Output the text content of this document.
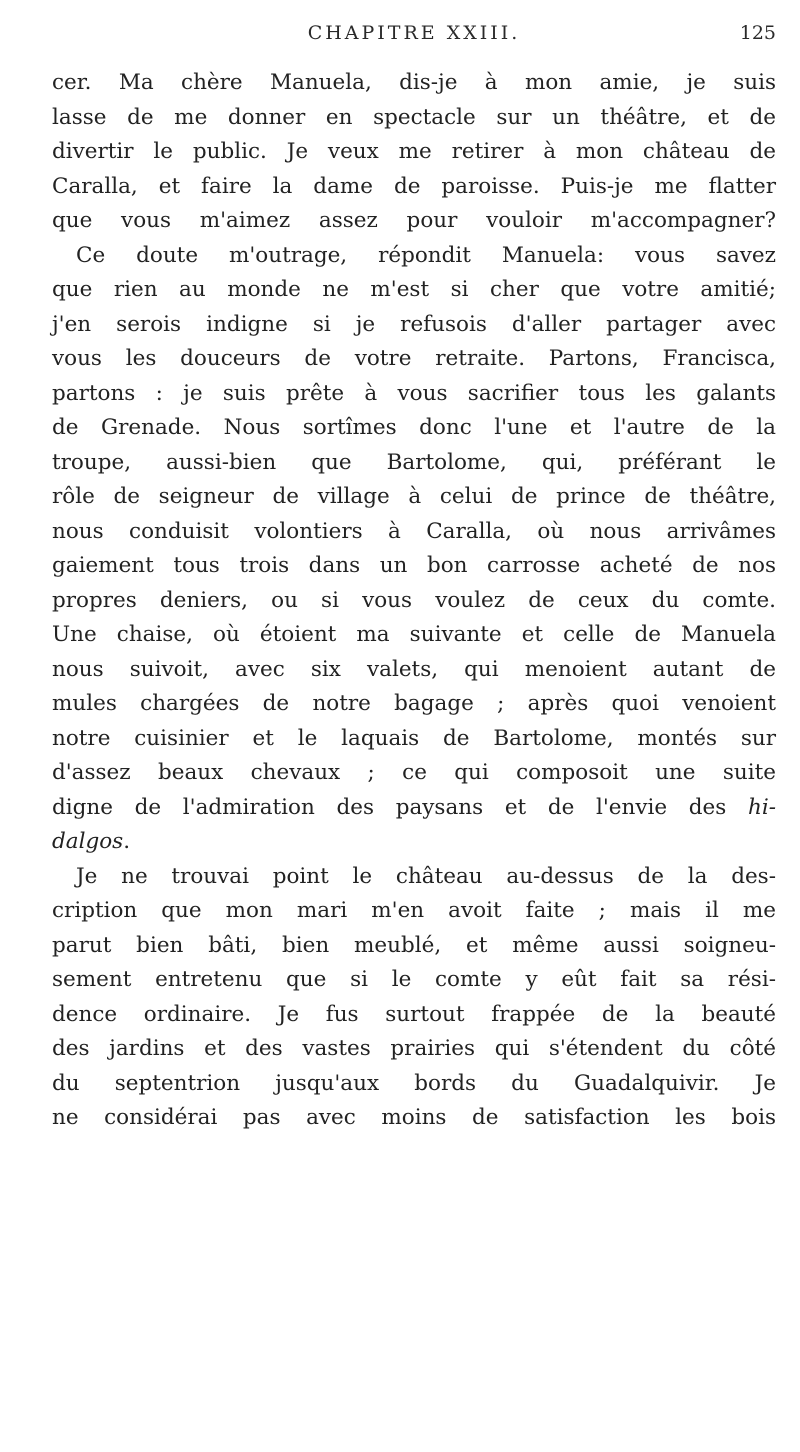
CHAPITRE XXIII.	125
cer. Ma chère Manuela, dis-je à mon amie, je suis
lasse de me donner en spectacle sur un théâtre, et de
divertir le public. Je veux me retirer à mon château de
Caralla, et faire la dame de paroisse. Puis-je me flatter
que vous m'aimez assez pour vouloir m'accompagner?
Ce doute m'outrage, répondit Manuela: vous savez
que rien au monde ne m'est si cher que votre amitié;
j'en serois indigne si je refusois d'aller partager avec
vous les douceurs de votre retraite. Partons, Francisca,
partons : je suis prête à vous sacrifier tous les galants
de Grenade. Nous sortîmes donc l'une et l'autre de la
troupe, aussi-bien que Bartolome, qui, préférant le
rôle de seigneur de village à celui de prince de théâtre,
nous conduisit volontiers à Caralla, où nous arrivâmes
gaiement tous trois dans un bon carrosse acheté de nos
propres deniers, ou si vous voulez de ceux du comte.
Une chaise, où étoient ma suivante et celle de Manuela
nous suivoit, avec six valets, qui menoient autant de
mules chargées de notre bagage ; après quoi venoient
notre cuisinier et le laquais de Bartolome, montés sur
d'assez beaux chevaux ; ce qui composoit une suite
digne de l'admiration des paysans et de l'envie des hi-
dalgos.
Je ne trouvai point le château au-dessus de la des-
cription que mon mari m'en avoit faite ; mais il me
parut bien bâti, bien meublé, et même aussi soigneu-
sement entretenu que si le comte y eût fait sa rési-
dence ordinaire. Je fus surtout frappée de la beauté
des jardins et des vastes prairies qui s'étendent du côté
du septentrion jusqu'aux bords du Guadalquivir. Je
ne considérai pas avec moins de satisfaction les bois
